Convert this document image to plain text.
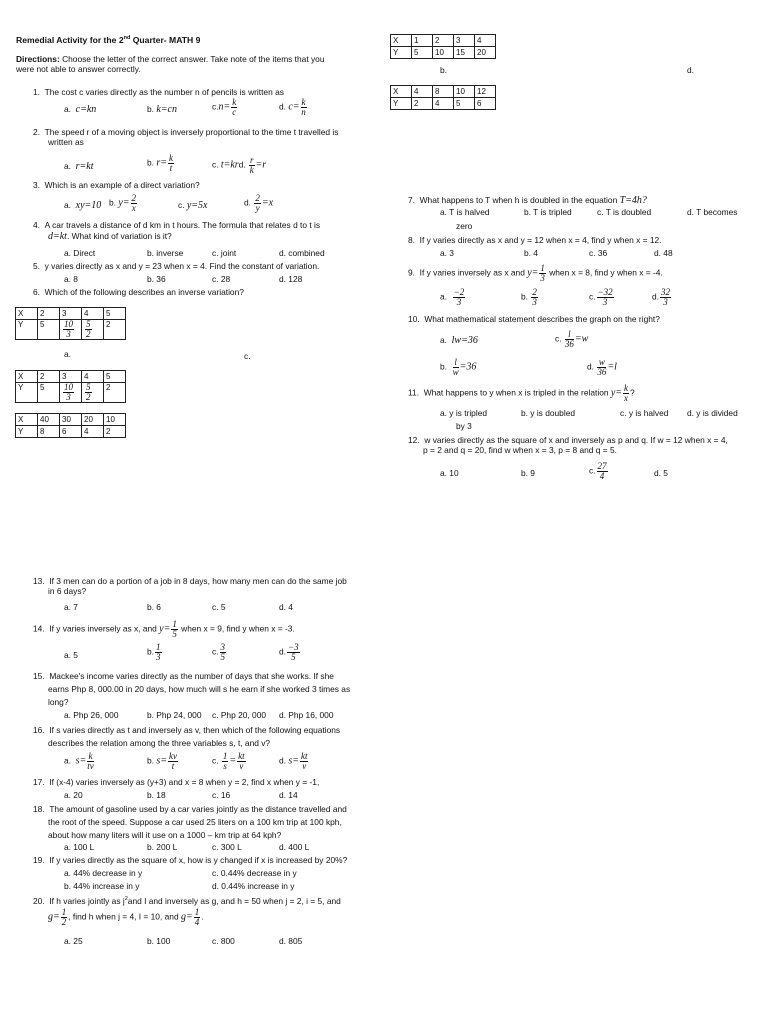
Remedial Activity for the 2nd Quarter- MATH 9
Directions: Choose the letter of the correct answer. Take note of the items that you
were not able to answer correctly.
1. The cost c varies directly as the number n of pencils is written as
a. c=kn	b. k=cn	$c.n= \frac{k}{c}$	d. $c= \frac{k}{n}$
2. The speed r of a moving object is inversely proportional to the time t travelled is
written as
a. r=kt	b. $r= \frac{k}{t}$	c. t=krd. $\frac{r}{k} =r$
3. Which is an example of a direct variation?
a. xy=10 b. $y= \frac{2}{x}$	c. y=5x	d. $\frac{2}{y} =x$
4. A car travels a distance of d km in t hours. The formula that relates d to t is
d=kt. What kind of variation is it?
a. Direct	b. inverse	c. joint	d. combined
5. y varies directly as x and y = 23 when x = 4. Find the constant of variation.
a. 8	b. 36	c. 28	d. 128
6. Which of the following describes an inverse variation?
X	2	3	4	5
Y	5	$\frac{10}{3}$	$\frac{5}{2}$	2
a.	c.
X	2	3	4	5
Y	5	$\frac{10}{3}$	$\frac{5}{2}$	2
X	40	30	20	10
Y	8	6	4	2
X	1	2	3	4
Y	5	10	15	20
b.	d.
X	4	8	10	12
Y	2	4	5	6
7. What happens to T when h is doubled in the equation T=4h?
a. T is halved	b. T is tripled	c. T is doubled	d. T becomes
zero
8. If y varies directly as x and y = 12 when x = 4, find y when x = 12.
a. 3	b. 4	c. 36	d. 48
9. If y varies inversely as x and $y= \frac{1}{3}$ when x = 8, find y when x = -4.
a. $\frac{-2}{3}$	b. $\frac{2}{3}$	c. $\frac{-32}{3}$	d. $\frac{32}{3}$
10. What mathematical statement describes the graph on the right?
a. lw=36	c. $\frac{l}{36} =w$
b. $\frac{l}{w} =36$	d. $\frac{w}{36} =l$
11. What happens to y when x is tripled in the relation $y= \frac{k}{x}$ ?
a. y is tripled	b. y is doubled	c. y is halved d. y is divided
by 3
12. w varies directly as the square of x and inversely as p and q. If w = 12 when x = 4,
p = 2 and q = 20, find w when x = 3, p = 8 and q = 5.
a. 10	b. 9	c. $\frac{27}{4}$	d. 5
13. If 3 men can do a portion of a job in 8 days, how many men can do the same job
in 6 days?
a. 7	b. 6	c. 5	d. 4
14. If y varies inversely as x, and $y= \frac{1}{5}$ when x = 9, find y when x = -3.
a. 5	b. $\frac{1}{3}$	c. $\frac{3}{5}$	d. $\frac{-3}{5}$
15. Mackee's income varies directly as the number of days that she works. If she
earns Php 8, 000.00 in 20 days, how much will s he earn if she worked 3 times as
long?
a. Php 26, 000	b. Php 24, 000 c. Php 20, 000 d. Php 16, 000
16. If s varies directly as t and inversely as v, then which of the following equations
describes the relation among the three variables s, t, and v?
a. $s= \frac{k}{tv}$	b. $s= \frac{kv}{t}$	c. $\frac{1}{s} = \frac{kt}{v}$	d. $s= \frac{kt}{v}$
17. If (x-4) varies inversely as (y+3) and x = 8 when y = 2, find x when y = -1,
a. 20	b. 18	c. 16	d. 14
18. The amount of gasoline used by a car varies jointly as the distance travelled and
the root of the speed. Suppose a car used 25 liters on a 100 km trip at 100 kph,
about how many liters will it use on a 1000 – km trip at 64 kph?
a. 100 L	b. 200 L	c. 300 L	d. 400 L
19. If y varies directly as the square of x, how is y changed if x is increased by 20%?
a. 44% decrease in y	c. 0.44% decrease in y
b. 44% increase in y	d. 0.44% increase in y
20. If h varies jointly as $j^2and$ I and inversely as g, and h = 50 when j = 2, i = 5, and
$g= \frac{1}{2}$ , find h when j = 4, I = 10, and $g= \frac{1}{4}$ .
a. 25	b. 100	c. 800	d. 805
